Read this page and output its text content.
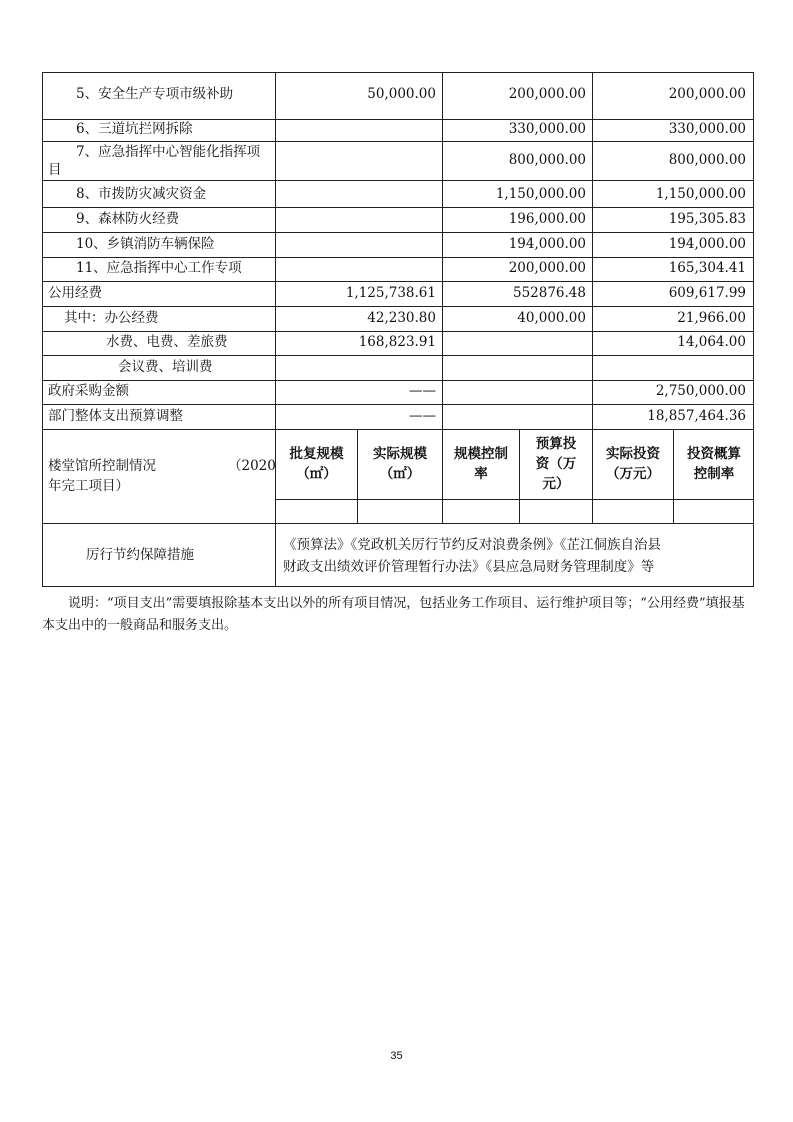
5、安全生产专项市级补助
6、三道坑拦网拆除
7、应急指挥中心智能化指挥项目
8、市拨防灾减灾资金
9、森林防火经费
10、乡镇消防车辆保险
11、应急指挥中心工作专项
公用经费
其中：办公经费
水费、电费、差旅费
会议费、培训费
政府采购金额
部门整体支出预算调整
50,000.00
1,125,738.61
42,230.80
168,823.91
——
——
200,000.00
330,000.00
800,000.00
1,150,000.00
196,000.00
194,000.00
200,000.00
552876.48
40,000.00
200,000.00
330,000.00
800,000.00
1,150,000.00
195,305.83
194,000.00
165,304.41
609,617.99
21,966.00
14,064.00
2,750,000.00
18,857,464.36
楼堂馆所控制情况	（2020
年完工项目）
批复规模
（㎡）
实际规模
（㎡）
规模控制
率
预算投
资（万
元）
实际投资
（万元）
投资概算
控制率
厉行节约保障措施
《预算法》《党政机关厉行节约反对浪费条例》《芷江侗族自治县
财政支出绩效评价管理暂行办法》《县应急局财务管理制度》等
说明：“项目支出”需要填报除基本支出以外的所有项目情况，包括业务工作项目、运行维护项目等；“公用经费”填报基本支出中的一般商品和服务支出。
35
